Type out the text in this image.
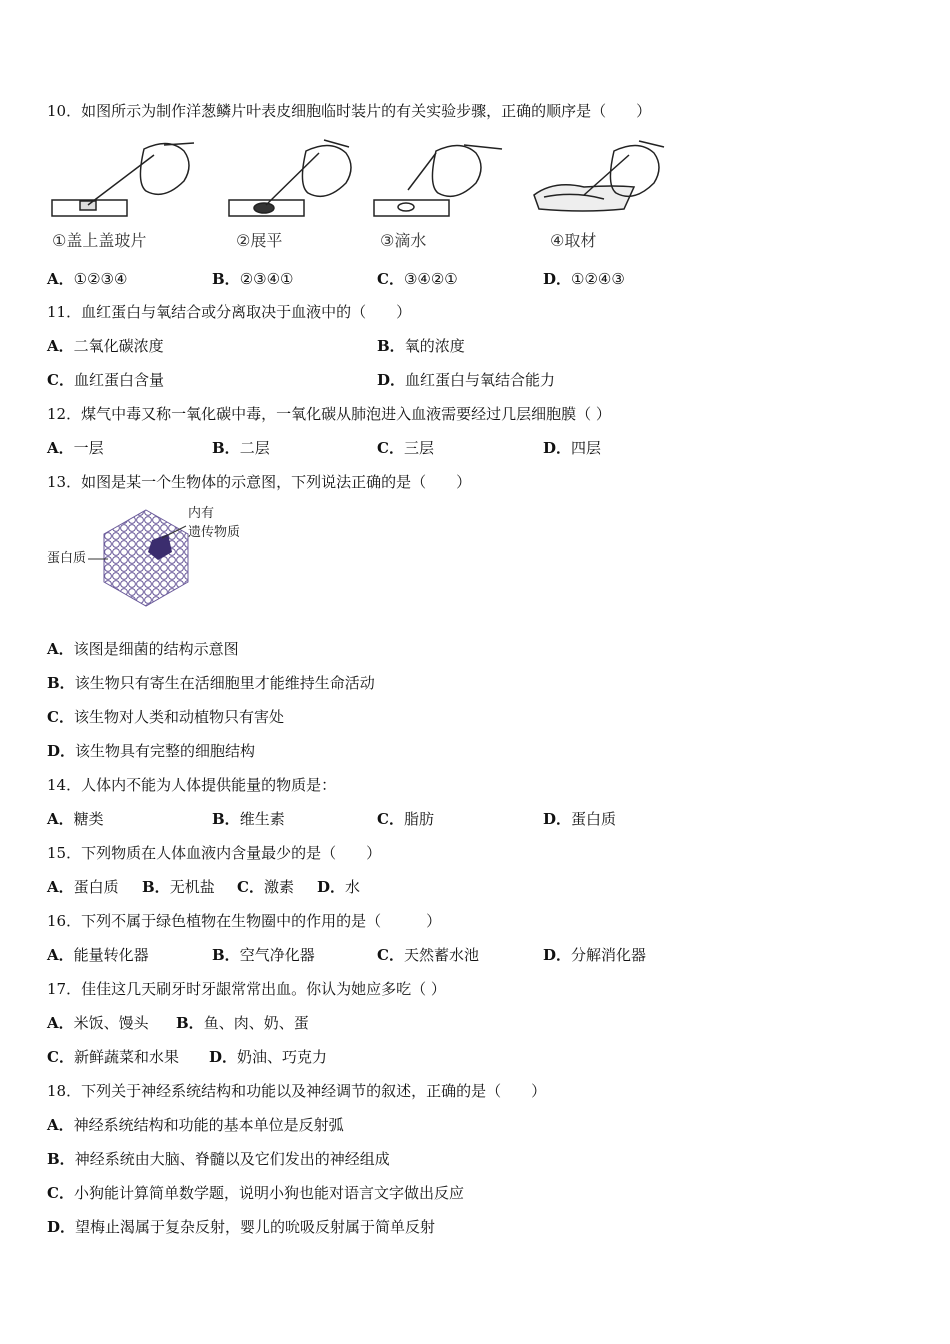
10．如图所示为制作洋葱鳞片叶表皮细胞临时装片的有关实验步骤，正确的顺序是（　　）
①盖上盖玻片	②展平	③滴水	④取材
A．①②③④	B．②③④①	C．③④②①	D．①②④③
11．血红蛋白与氧结合或分离取决于血液中的（　　）
A．二氧化碳浓度	B．氧的浓度
C．血红蛋白含量	D．血红蛋白与氧结合能力
12．煤气中毒又称一氧化碳中毒，一氧化碳从肺泡进入血液需要经过几层细胞膜（ ）
A．一层	B．二层	C．三层	D．四层
13．如图是某一个生物体的示意图，下列说法正确的是（　　）
内有
遗传物质
蛋白质
A．该图是细菌的结构示意图
B．该生物只有寄生在活细胞里才能维持生命活动
C．该生物对人类和动植物只有害处
D．该生物具有完整的细胞结构
14．人体内不能为人体提供能量的物质是：
A．糖类	B．维生素	C．脂肪	D．蛋白质
15．下列物质在人体血液内含量最少的是（　　）
A．蛋白质 B．无机盐 C．激素 D．水
16．下列不属于绿色植物在生物圈中的作用的是（　　　）
A．能量转化器	B．空气净化器	C．天然蓄水池	D．分解消化器
17．佳佳这几天刷牙时牙龈常常出血。你认为她应多吃（ ）
A．米饭、馒头 B．鱼、肉、奶、蛋
C．新鲜蔬菜和水果 D．奶油、巧克力
18．下列关于神经系统结构和功能以及神经调节的叙述，正确的是（　　）
A．神经系统结构和功能的基本单位是反射弧
B．神经系统由大脑、脊髓以及它们发出的神经组成
C．小狗能计算简单数学题，说明小狗也能对语言文字做出反应
D．望梅止渴属于复杂反射，婴儿的吮吸反射属于简单反射
